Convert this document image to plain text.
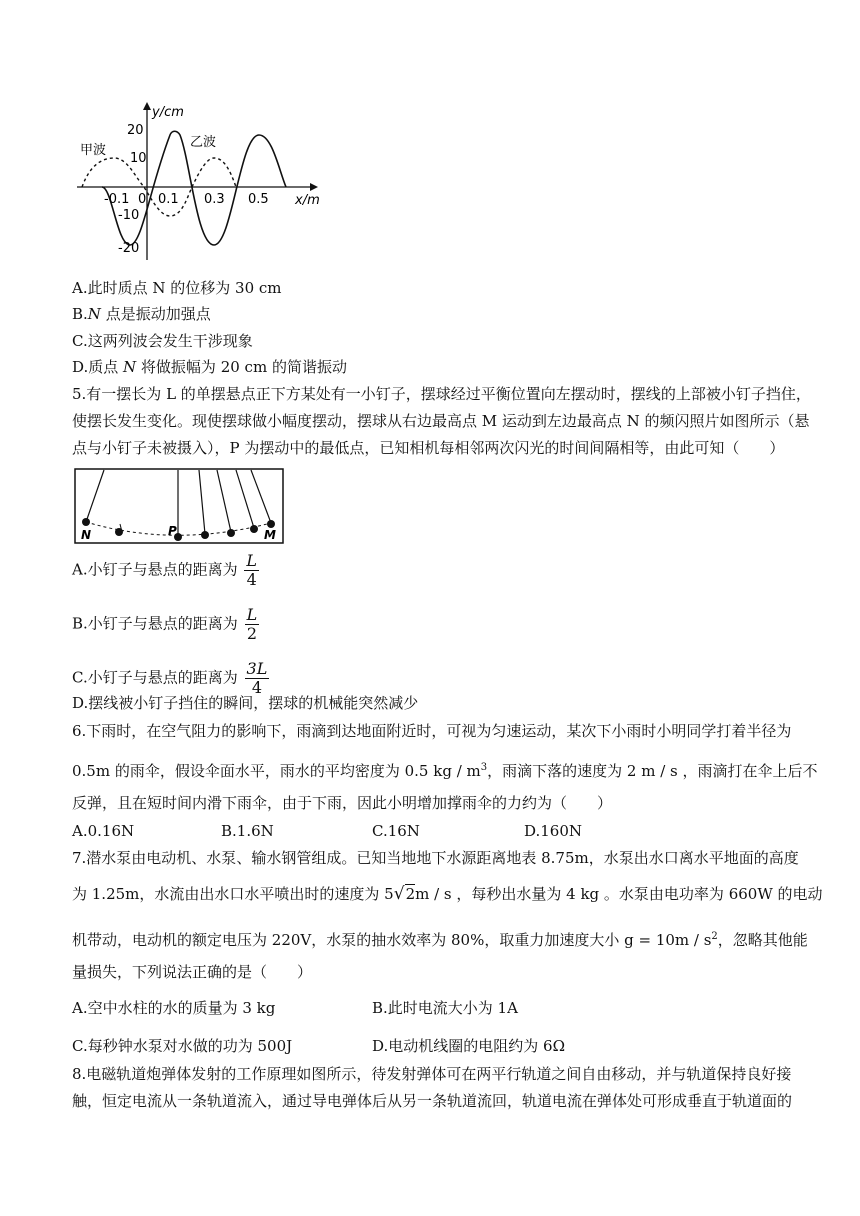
y/cm
x/m
甲波
乙波
20
10
-10
-20
-0.1 0 0.1 0.3 0.5
A.此时质点 N 的位移为 30 cm
B.N 点是振动加强点
C.这两列波会发生干涉现象
D.质点 N 将做振幅为 20 cm 的简谐振动
5.有一摆长为 L 的单摆悬点正下方某处有一小钉子，摆球经过平衡位置向左摆动时，摆线的上部被小钉子挡住，
使摆长发生变化。现使摆球做小幅度摆动，摆球从右边最高点 M 运动到左边最高点 N 的频闪照片如图所示（悬
点与小钉子未被摄入），P 为摆动中的最低点，已知相机每相邻两次闪光的时间间隔相等，由此可知（　　）
N	P	M
A.小钉子与悬点的距离为 $\frac{L}{4}$
B.小钉子与悬点的距离为 $\frac{L}{2}$
C.小钉子与悬点的距离为 $\frac{3L}{4}$
D.摆线被小钉子挡住的瞬间，摆球的机械能突然减少
6.下雨时，在空气阻力的影响下，雨滴到达地面附近时，可视为匀速运动，某次下小雨时小明同学打着半径为
0.5m 的雨伞，假设伞面水平，雨水的平均密度为 0.5 kg / $m^3$，雨滴下落的速度为 2 m / s ，雨滴打在伞上后不
反弹，且在短时间内滑下雨伞，由于下雨，因此小明增加撑雨伞的力约为（　　）
A.0.16N	B.1.6N	C.16N	D.160N
7.潜水泵由电动机、水泵、输水钢管组成。已知当地地下水源距离地表 8.75m，水泵出水口离水平地面的高度
为 1.25m，水流由出水口水平喷出时的速度为 5√2m / s ，每秒出水量为 4 kg 。水泵由电功率为 660W 的电动
机带动，电动机的额定电压为 220V，水泵的抽水效率为 80%，取重力加速度大小 $g = 10m / s^2$，忽略其他能
量损失，下列说法正确的是（　　）
A.空中水柱的水的质量为 3 kg	B.此时电流大小为 1A
C.每秒钟水泵对水做的功为 500J	D.电动机线圈的电阻约为 6Ω
8.电磁轨道炮弹体发射的工作原理如图所示，待发射弹体可在两平行轨道之间自由移动，并与轨道保持良好接
触，恒定电流从一条轨道流入，通过导电弹体后从另一条轨道流回，轨道电流在弹体处可形成垂直于轨道面的
